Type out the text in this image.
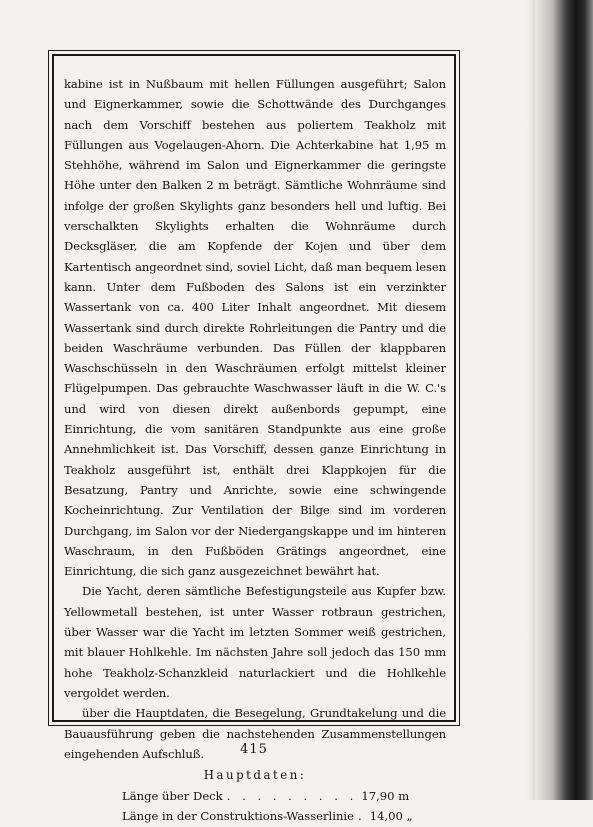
kabine ist in Nußbaum mit hellen Füllungen ausgeführt; Salon und Eignerkammer, sowie die Schottwände des Durchganges nach dem Vorschiff bestehen aus poliertem Teakholz mit Füllungen aus Vogelaugen-Ahorn. Die Achterkabine hat 1,95 m Stehhöhe, während im Salon und Eignerkammer die geringste Höhe unter den Balken 2 m beträgt. Sämtliche Wohnräume sind infolge der großen Skylights ganz besonders hell und luftig. Bei verschalkten Skylights erhalten die Wohnräume durch Decksgläser, die am Kopfende der Kojen und über dem Kartentisch angeordnet sind, soviel Licht, daß man bequem lesen kann. Unter dem Fußboden des Salons ist ein verzinkter Wassertank von ca. 400 Liter Inhalt angeordnet. Mit diesem Wassertank sind durch direkte Rohrleitungen die Pantry und die beiden Waschräume verbunden. Das Füllen der klappbaren Waschschüsseln in den Waschräumen erfolgt mittelst kleiner Flügelpumpen. Das gebrauchte Waschwasser läuft in die W. C.'s und wird von diesen direkt außenbords gepumpt, eine Einrichtung, die vom sanitären Standpunkte aus eine große Annehmlichkeit ist. Das Vorschiff, dessen ganze Einrichtung in Teakholz ausgeführt ist, enthält drei Klappkojen für die Besatzung, Pantry und Anrichte, sowie eine schwingende Kocheinrichtung. Zur Ventilation der Bilge sind im vorderen Durchgang, im Salon vor der Niedergangskappe und im hinteren Waschraum, in den Fußböden Grätings angeordnet, eine Einrichtung, die sich ganz ausgezeichnet bewährt hat.

Die Yacht, deren sämtliche Befestigungsteile aus Kupfer bzw. Yellowmetall bestehen, ist unter Wasser rotbraun gestrichen, über Wasser war die Yacht im letzten Sommer weiß gestrichen, mit blauer Hohlkehle. Im nächsten Jahre soll jedoch das 150 mm hohe Teakholz-Schanzkleid naturlackiert und die Hohlkehle vergoldet werden.

über die Hauptdaten, die Besegelung, Grundtakelung und die Bauausführung geben die nachstehenden Zusammenstellungen eingehenden Aufschluß.

Hauptdaten:
Länge über Deck . . . . . . . . . 17,90 m
Länge in der Construktions-Wasserlinie . 14,00 „
415
